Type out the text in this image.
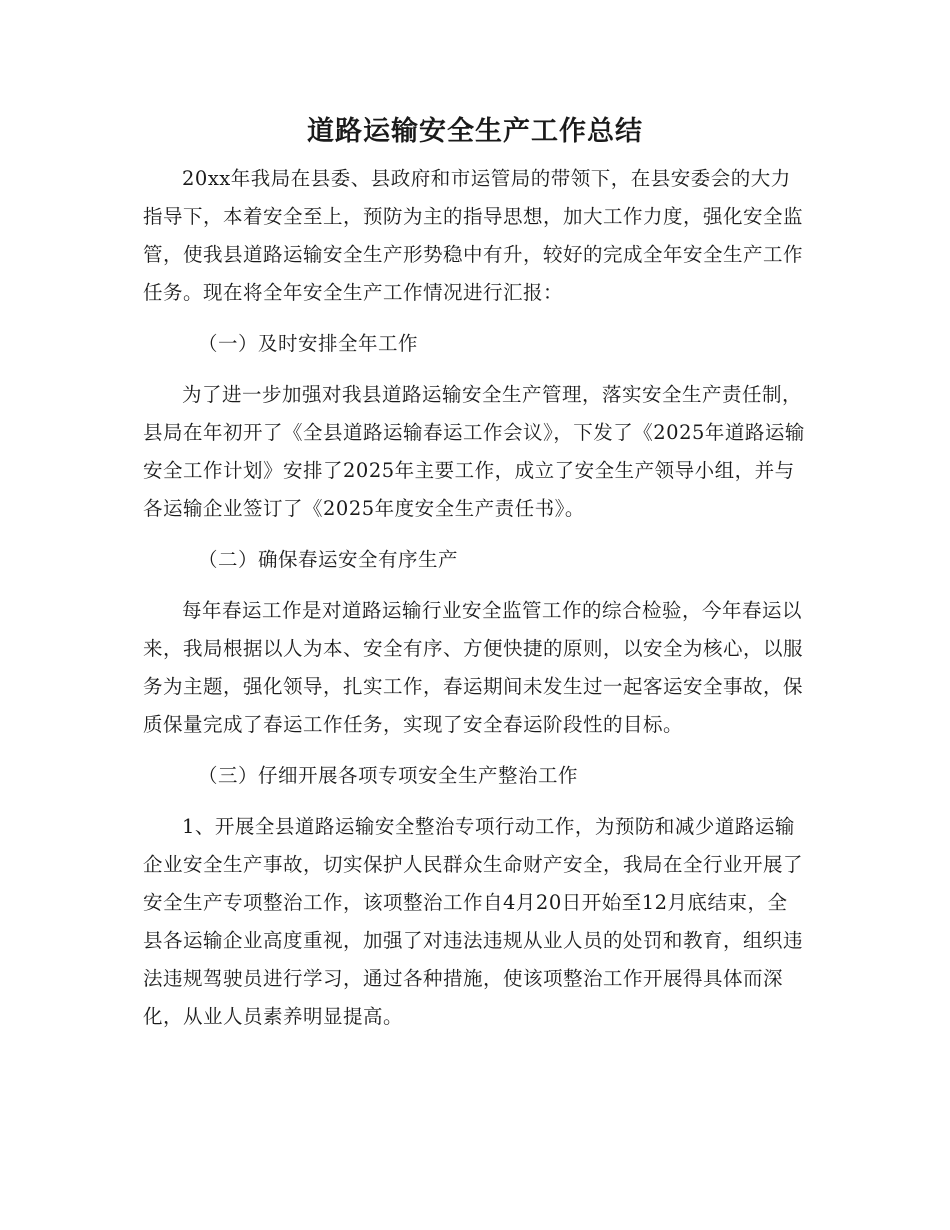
道路运输安全生产工作总结

20xx年我局在县委、县政府和市运管局的带领下，在县安委会的大力指导下，本着安全至上，预防为主的指导思想，加大工作力度，强化安全监管，使我县道路运输安全生产形势稳中有升，较好的完成全年安全生产工作任务。现在将全年安全生产工作情况进行汇报：

（一）及时安排全年工作

为了进一步加强对我县道路运输安全生产管理，落实安全生产责任制，县局在年初开了《全县道路运输春运工作会议》，下发了《2025年道路运输安全工作计划》安排了2025年主要工作，成立了安全生产领导小组，并与各运输企业签订了《2025年度安全生产责任书》。

（二）确保春运安全有序生产

每年春运工作是对道路运输行业安全监管工作的综合检验，今年春运以来，我局根据以人为本、安全有序、方便快捷的原则，以安全为核心，以服务为主题，强化领导，扎实工作，春运期间未发生过一起客运安全事故，保质保量完成了春运工作任务，实现了安全春运阶段性的目标。

（三）仔细开展各项专项安全生产整治工作

1、开展全县道路运输安全整治专项行动工作，为预防和减少道路运输企业安全生产事故，切实保护人民群众生命财产安全，我局在全行业开展了安全生产专项整治工作，该项整治工作自4月20日开始至12月底结束，全县各运输企业高度重视，加强了对违法违规从业人员的处罚和教育，组织违法违规驾驶员进行学习，通过各种措施，使该项整治工作开展得具体而深化，从业人员素养明显提高。
